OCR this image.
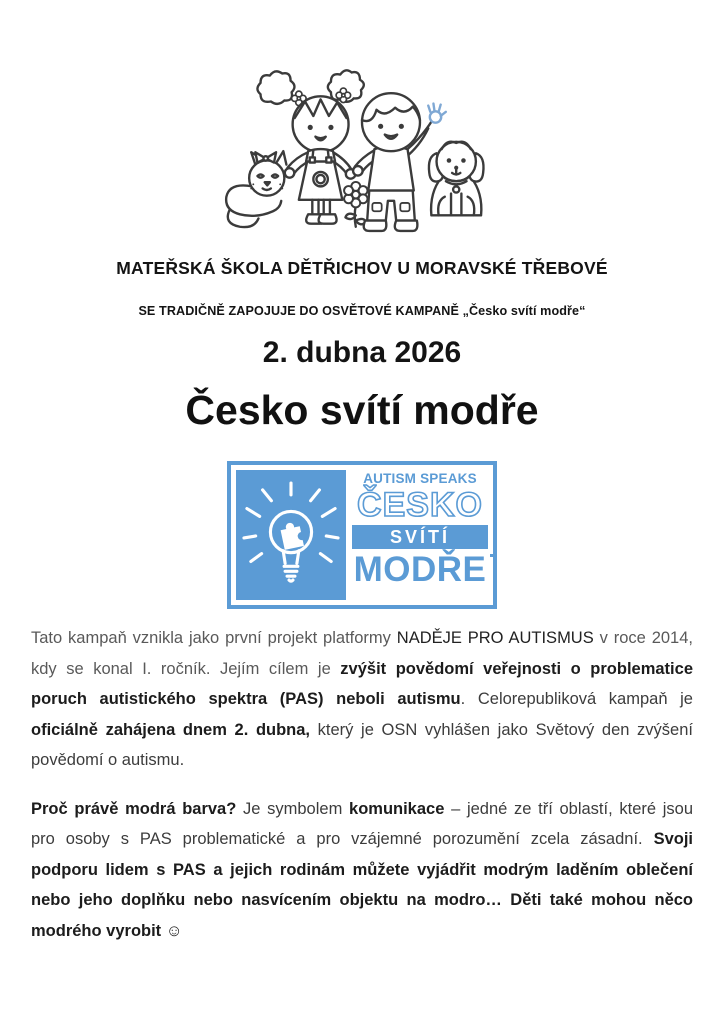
MATEŘSKÁ ŠKOLA DĚTŘICHOV U MORAVSKÉ TŘEBOVÉ
SE TRADIČNĚ ZAPOJUJE DO OSVĚTOVÉ KAMPANĚ „Česko svítí modře“
2. dubna 2026
Česko svítí modře
AUTISM SPEAKS
ČESKO
SVÍTÍ
MODŘE

Tato kampaň vznikla jako první projekt platformy NADĚJE PRO AUTISMUS v roce 2014, kdy se konal I. ročník. Jejím cílem je zvýšit povědomí veřejnosti o problematice poruch autistického spektra (PAS) neboli autismu. Celorepubliková kampaň je oficiálně zahájena dnem 2. dubna, který je OSN vyhlášen jako Světový den zvýšení povědomí o autismu.

Proč právě modrá barva? Je symbolem komunikace – jedné ze tří oblastí, které jsou pro osoby s PAS problematické a pro vzájemné porozumění zcela zásadní. Svoji podporu lidem s PAS a jejich rodinám můžete vyjádřit modrým laděním oblečení nebo jeho doplňku nebo nasvícením objektu na modro… Děti také mohou něco modrého vyrobit ☺
